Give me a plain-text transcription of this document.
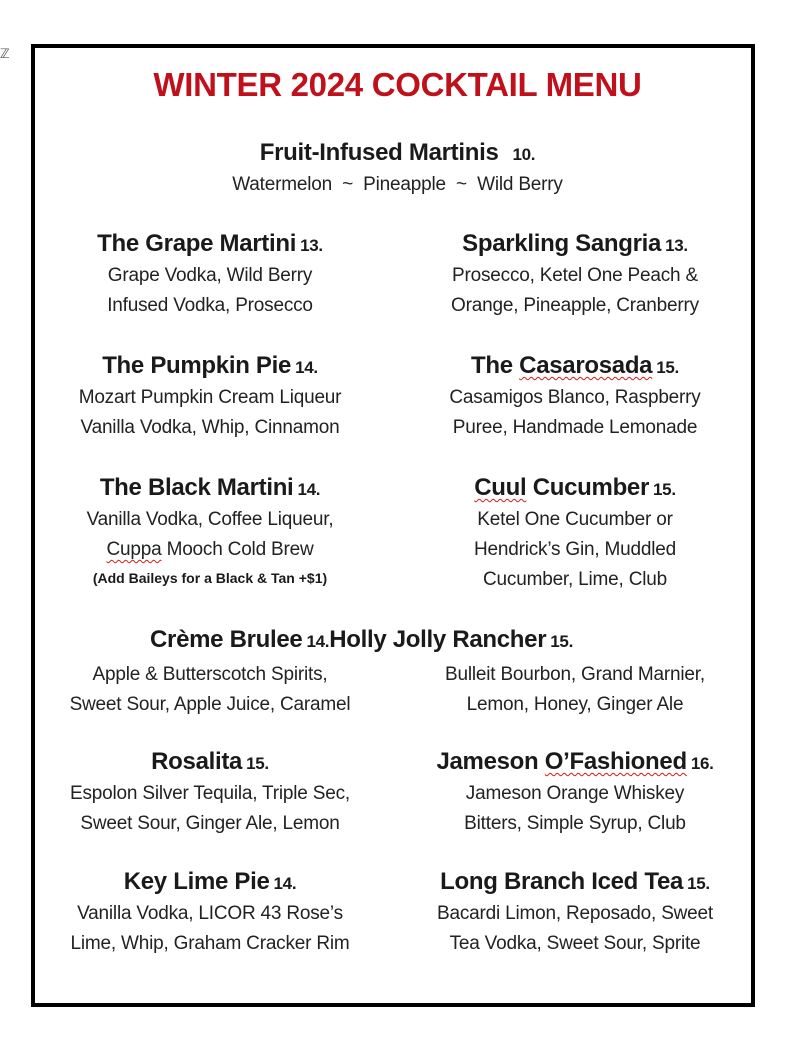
ℤ
WINTER 2024 COCKTAIL MENU
Fruit-Infused Martinis 10.
Watermelon  ~  Pineapple  ~  Wild Berry
The Grape Martini 13.
Grape Vodka, Wild Berry
Infused Vodka, Prosecco
Sparkling Sangria 13.
Prosecco, Ketel One Peach &
Orange, Pineapple, Cranberry
The Pumpkin Pie 14.
Mozart Pumpkin Cream Liqueur
Vanilla Vodka, Whip, Cinnamon
The Casarosada 15.
Casamigos Blanco, Raspberry
Puree, Handmade Lemonade
The Black Martini 14.
Vanilla Vodka, Coffee Liqueur,
Cuppa Mooch Cold Brew
(Add Baileys for a Black & Tan +$1)
Cuul Cucumber 15.
Ketel One Cucumber or
Hendrick’s Gin, Muddled
Cucumber, Lime, Club
Crème Brulee 14.Holly Jolly Rancher 15.
Apple & Butterscotch Spirits,
Sweet Sour, Apple Juice, Caramel
Bulleit Bourbon, Grand Marnier,
Lemon, Honey, Ginger Ale
Rosalita 15.
Espolon Silver Tequila, Triple Sec,
Sweet Sour, Ginger Ale, Lemon
Jameson O’Fashioned 16.
Jameson Orange Whiskey
Bitters, Simple Syrup, Club
Key Lime Pie 14.
Vanilla Vodka, LICOR 43 Rose’s
Lime, Whip, Graham Cracker Rim
Long Branch Iced Tea 15.
Bacardi Limon, Reposado, Sweet
Tea Vodka, Sweet Sour, Sprite
